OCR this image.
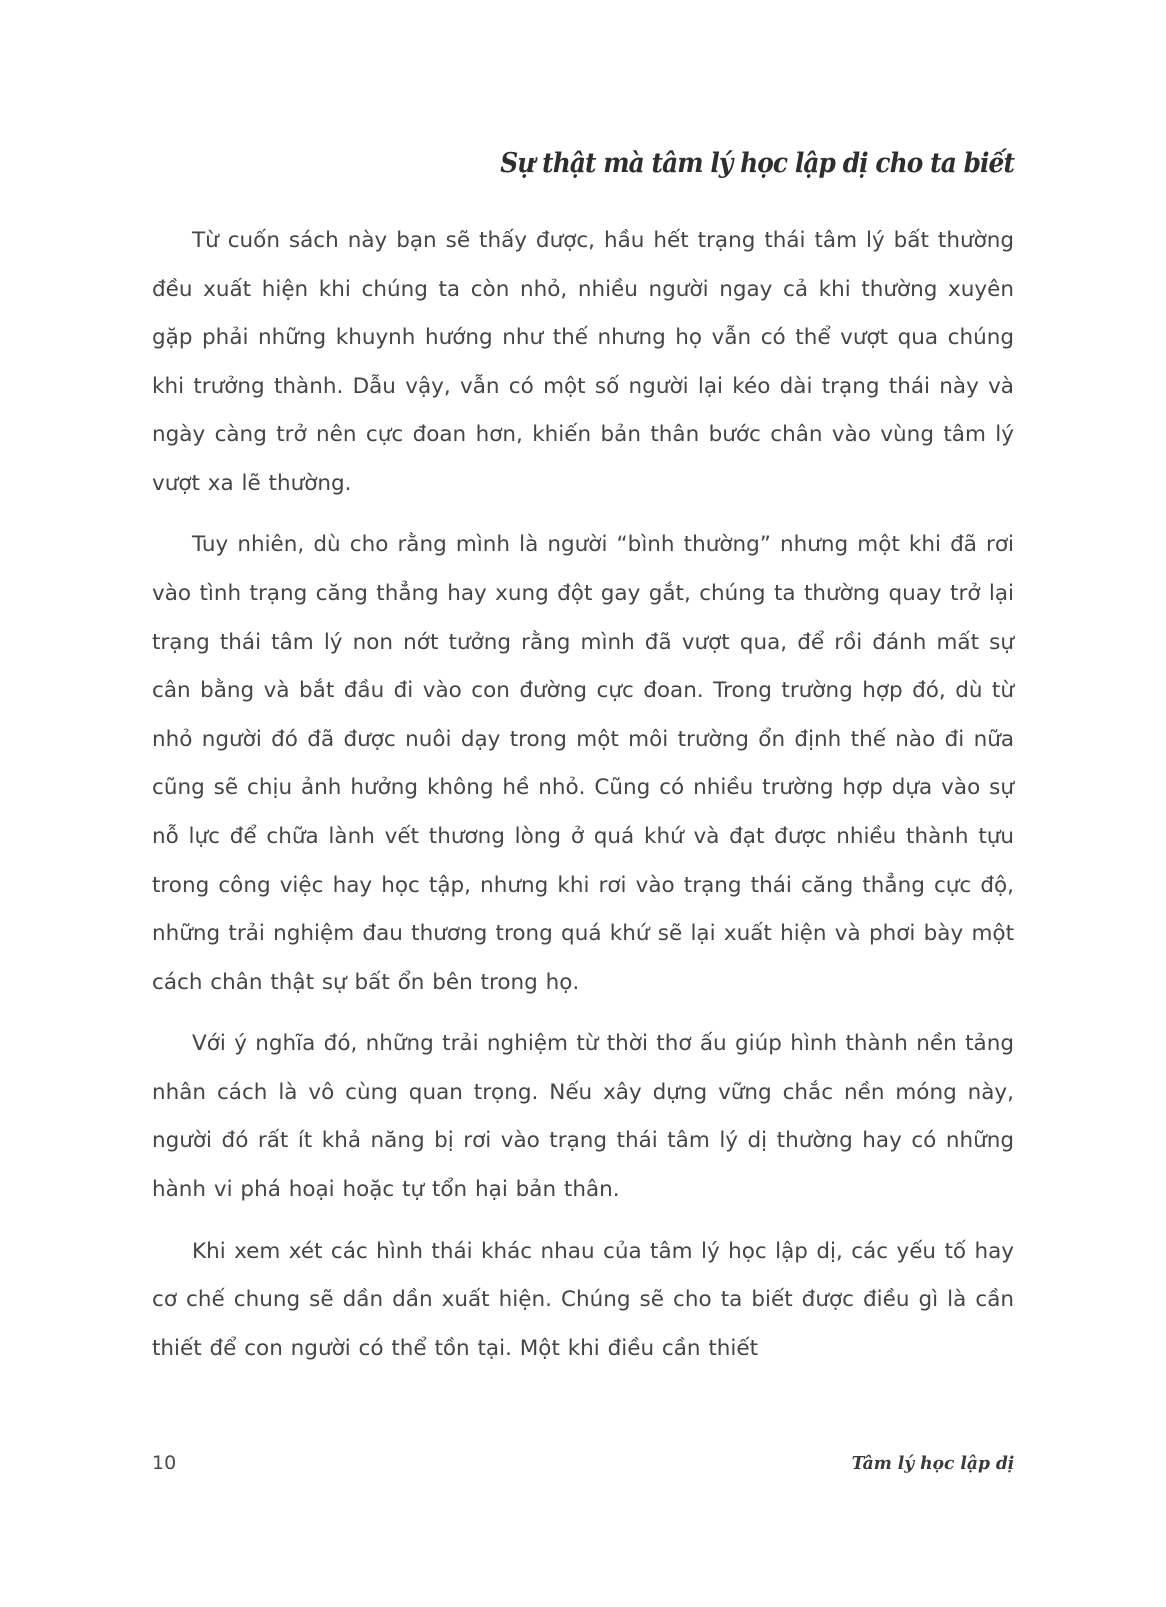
Sự thật mà tâm lý học lập dị cho ta biết

Từ cuốn sách này bạn sẽ thấy được, hầu hết trạng thái tâm lý bất thường đều xuất hiện khi chúng ta còn nhỏ, nhiều người ngay cả khi thường xuyên gặp phải những khuynh hướng như thế nhưng họ vẫn có thể vượt qua chúng khi trưởng thành. Dẫu vậy, vẫn có một số người lại kéo dài trạng thái này và ngày càng trở nên cực đoan hơn, khiến bản thân bước chân vào vùng tâm lý vượt xa lẽ thường.

Tuy nhiên, dù cho rằng mình là người “bình thường” nhưng một khi đã rơi vào tình trạng căng thẳng hay xung đột gay gắt, chúng ta thường quay trở lại trạng thái tâm lý non nớt tưởng rằng mình đã vượt qua, để rồi đánh mất sự cân bằng và bắt đầu đi vào con đường cực đoan. Trong trường hợp đó, dù từ nhỏ người đó đã được nuôi dạy trong một môi trường ổn định thế nào đi nữa cũng sẽ chịu ảnh hưởng không hề nhỏ. Cũng có nhiều trường hợp dựa vào sự nỗ lực để chữa lành vết thương lòng ở quá khứ và đạt được nhiều thành tựu trong công việc hay học tập, nhưng khi rơi vào trạng thái căng thẳng cực độ, những trải nghiệm đau thương trong quá khứ sẽ lại xuất hiện và phơi bày một cách chân thật sự bất ổn bên trong họ.

Với ý nghĩa đó, những trải nghiệm từ thời thơ ấu giúp hình thành nền tảng nhân cách là vô cùng quan trọng. Nếu xây dựng vững chắc nền móng này, người đó rất ít khả năng bị rơi vào trạng thái tâm lý dị thường hay có những hành vi phá hoại hoặc tự tổn hại bản thân.

Khi xem xét các hình thái khác nhau của tâm lý học lập dị, các yếu tố hay cơ chế chung sẽ dần dần xuất hiện. Chúng sẽ cho ta biết được điều gì là cần thiết để con người có thể tồn tại. Một khi điều cần thiết

10	Tâm lý học lập dị
